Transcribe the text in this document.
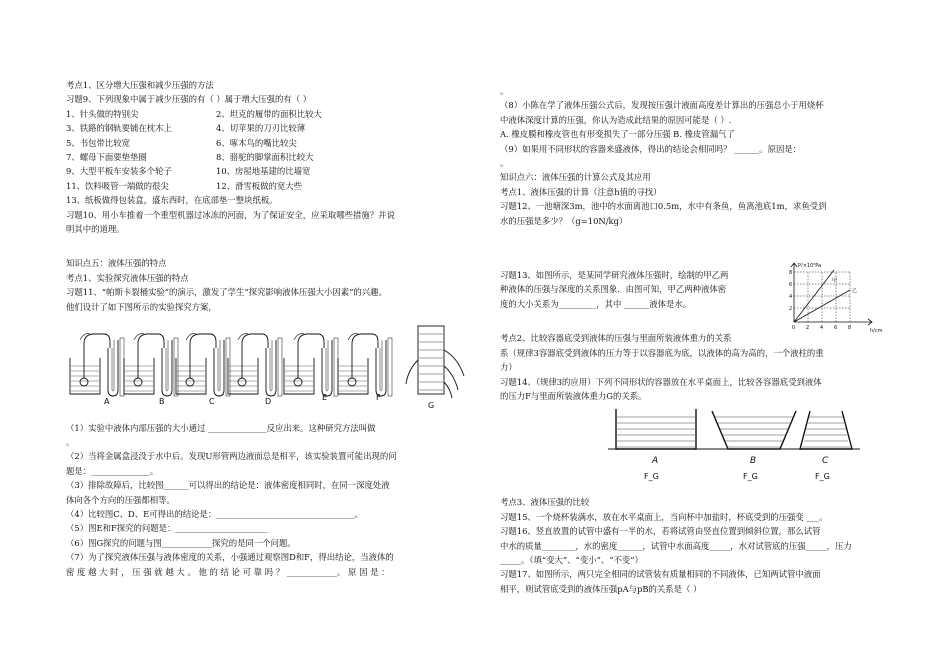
考点1、区分增大压强和减少压强的方法
习题9、下列现象中属于减少压强的有（ ）属于增大压强的有（ ）
1、针头做的特别尖	2、坦克的履带的面积比较大
3、铁路的钢轨要铺在枕木上	4、切苹果的刀刃比较薄
5、书包带比较宽	6、啄木鸟的嘴比较尖
7、螺母下面要垫垫圈	8、骆驼的脚掌面积比较大
9、大型平板车安装多个轮子	10、房屋地基建的比墙宽
11、饮料吸管一端做的很尖	12、滑雪板做的宽大些
13、纸板做得包装盒，盛东西时，在底部垫一整块纸板。
习题10、用小车推着一个重型机器过冰冻的河面，为了保证安全，应采取哪些措施？并说
明其中的道理。
知识点五：液体压强的特点
考点1、实验探究液体压强的特点
习题11、“帕斯卡裂桶实验”的演示，激发了学生“探究影响液体压强大小因素”的兴趣。
他们设计了如下图所示的实验探究方案，
A	B	C	D	E	F
G
（1）实验中液体内部压强的大小通过 ______________反应出来。这种研究方法叫做
。
（2）当将金属盒浸没于水中后。发现U形管两边液面总是相平，该实验装置可能出现的问
题是：______________。
（3）排除故障后，比较图______可以得出的结论是：液体密度相同时，在同一深度处液
体向各个方向的压强都相等。
（4）比较图C、D、E可得出的结论是：_________________________________。
（5）图E和F探究的问题是：______________________
（6）图G探究的问题与图____________探究的是同一个问题。
（7）为了探究液体压强与液体密度的关系，小强通过观察图D和F，得出结论，当液体的
密 度 越 大 时 ， 压 强 就 越 大 。 他 的 结 论 可 靠 吗 ？ ____________。 原 因 是 ：
。
（8）小陈在学了液体压强公式后，发现按压强计液面高度差计算出的压强总小于用烧杯
中液体深度计算的压强，你认为造成此结果的原因可能是（ ）.
A. 橡皮膜和橡皮管也有形变损失了一部分压强 B. 橡皮管漏气了
（9）如果用不同形状的容器来盛液体，得出的结论会相同吗？ ______。原因是：
。
知识点六：液体压强的计算公式及其应用
考点1、液体压强的计算（注意h值的寻找）
习题12、一池塘深3m，池中的水面离池口0.5m，水中有条鱼，鱼离池底1m，求鱼受到
水的压强是多少？（g=10N/kg）
习题13、如图所示，是某同学研究液体压强时，绘制的甲乙两
种液体的压强与深度的关系图象．由图可知，甲乙两种液体密
度的大小关系为_________，其中 ______液体是水。
P/×10²Pa
h/cm
2
4
6
8
0 2 4 6 8
甲
乙
考点2、比较容器底受到液体的压强与里面所装液体重力的关系
系（规律3容器底受到液体的压力等于以容器底为底，以液体的高为高的，一个液柱的重
力）
习题14、（规律3的应用）下列不同形状的容器放在水平桌面上，比较各容器底受到液体
的压力F与里面所装液体重力G的关系。
A	B	C
F_G	F_G	F_G
考点3、液体压强的比较
习题15、一个烧杯装满水，放在水平桌面上，当向杯中加盐时，杯底受到的压强变 ___。
习题16、竖直放置的试管中盛有一半的水，若将试管由竖直位置到倾斜位置，那么试管
中水的质量________，水的密度______，试管中水面高度_____，水对试管底的压强_____，压力
_____。（填“变大”、“变小”、“不变”）
习题17、如图所示，两只完全相同的试管装有质量相同的不同液体，已知两试管中液面
相平，则试管底受到的液体压强pA与pB的关系是（ ）
